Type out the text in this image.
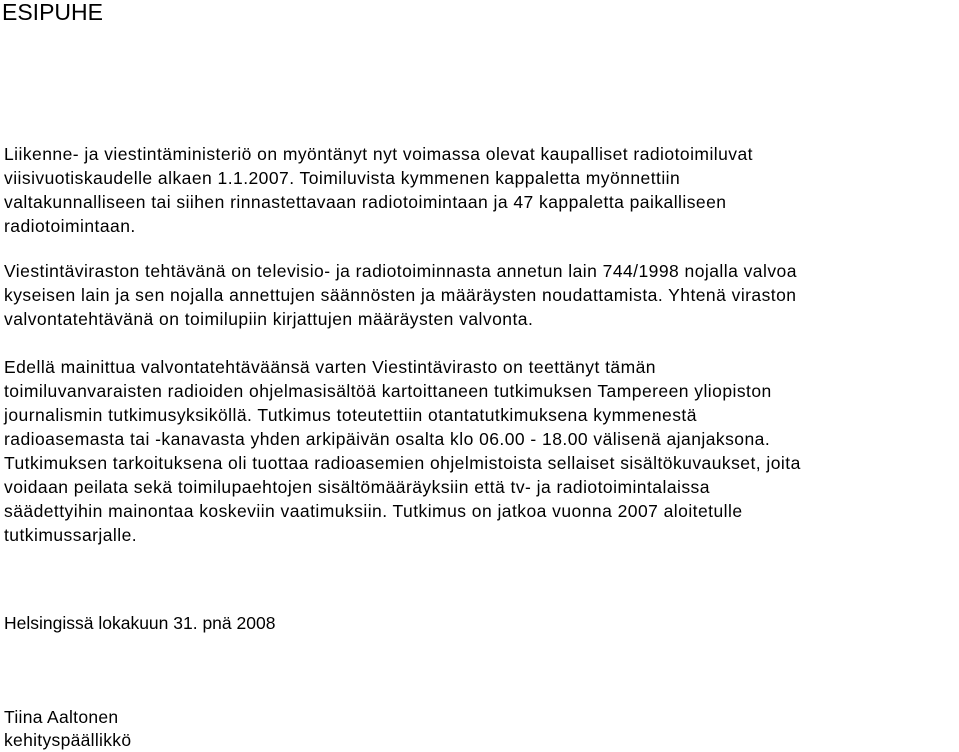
ESIPUHE

Liikenne- ja viestintäministeriö on myöntänyt nyt voimassa olevat kaupalliset radiotoimiluvat
viisivuotiskaudelle alkaen 1.1.2007. Toimiluvista kymmenen kappaletta myönnettiin
valtakunnalliseen tai siihen rinnastettavaan radiotoimintaan ja 47 kappaletta paikalliseen
radiotoimintaan.

Viestintäviraston tehtävänä on televisio- ja radiotoiminnasta annetun lain 744/1998 nojalla valvoa
kyseisen lain ja sen nojalla annettujen säännösten ja määräysten noudattamista. Yhtenä viraston
valvontatehtävänä on toimilupiin kirjattujen määräysten valvonta.

Edellä mainittua valvontatehtäväänsä varten Viestintävirasto on teettänyt tämän
toimiluvanvaraisten radioiden ohjelmasisältöä kartoittaneen tutkimuksen Tampereen yliopiston
journalismin tutkimusyksiköllä. Tutkimus toteutettiin otantatutkimuksena kymmenestä
radioasemasta tai -kanavasta yhden arkipäivän osalta klo 06.00 - 18.00 välisenä ajanjaksona.
Tutkimuksen tarkoituksena oli tuottaa radioasemien ohjelmistoista sellaiset sisältökuvaukset, joita
voidaan peilata sekä toimilupaehtojen sisältömääräyksiin että tv- ja radiotoimintalaissa
säädettyihin mainontaa koskeviin vaatimuksiin. Tutkimus on jatkoa vuonna 2007 aloitetulle
tutkimussarjalle.

Helsingissä lokakuun 31. pnä 2008

Tiina Aaltonen
kehityspäällikkö
